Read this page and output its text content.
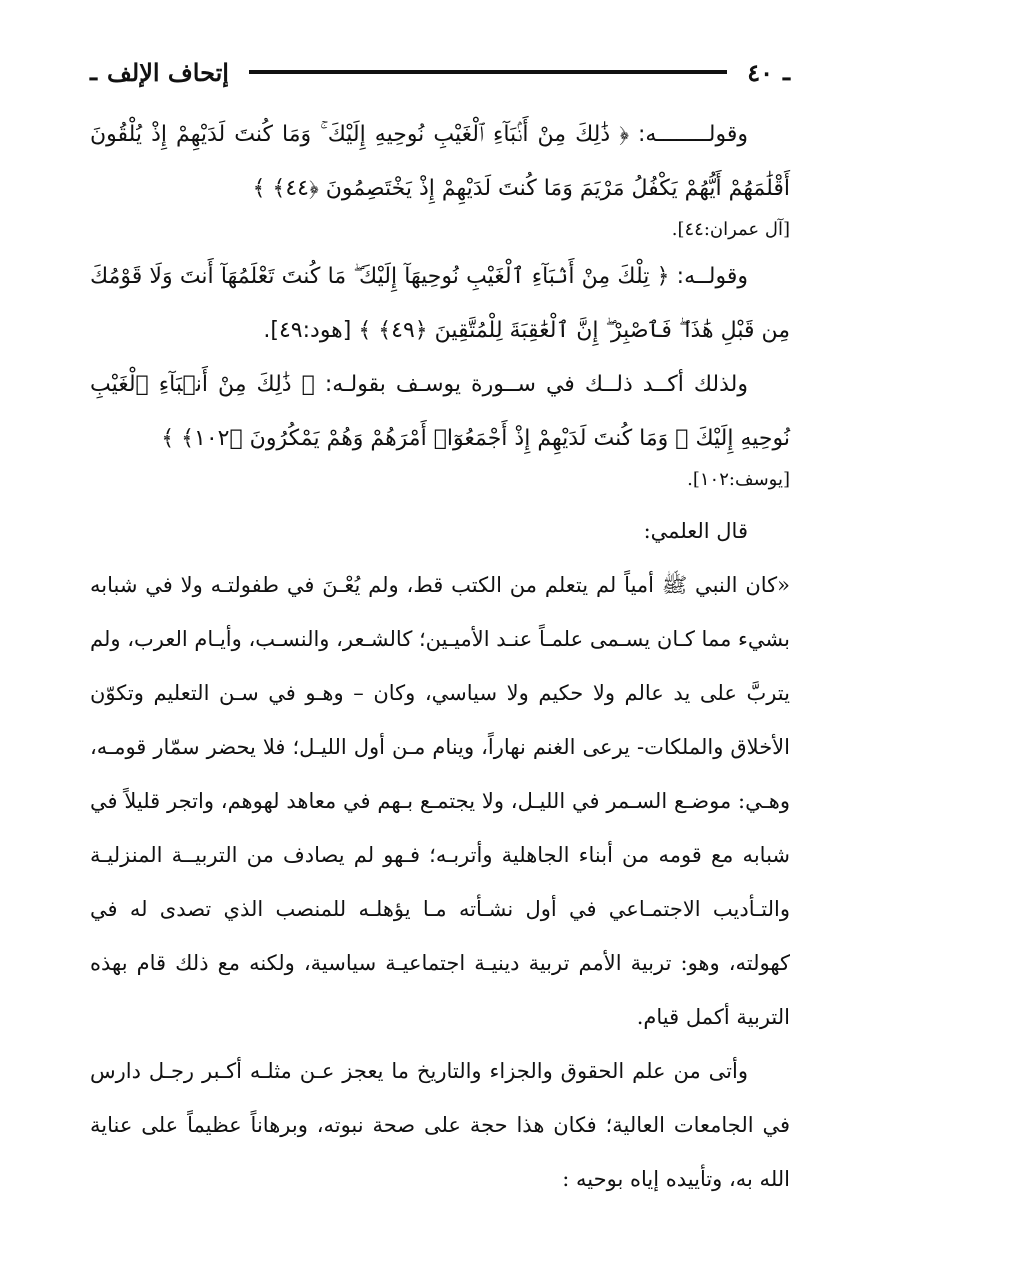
ـ
٤٠
إتحاف الإلف
ـ

وقولــــــــه: ﴿ ذَٰلِكَ مِنْ أَنۢبَآءِ ٱلْغَيْبِ نُوحِيهِ إِلَيْكَ ۚ وَمَا كُنتَ لَدَيْهِمْ إِذْ يُلْقُونَ أَقْلَٰمَهُمْ أَيُّهُمْ يَكْفُلُ مَرْيَمَ وَمَا كُنتَ لَدَيْهِمْ إِذْ يَخْتَصِمُونَ ﴿٤٤﴾ ﴾

[آل عمران:٤٤].

وقولــه: ﴿ تِلْكَ مِنْ أَنۢبَآءِ ٱلْغَيْبِ نُوحِيهَآ إِلَيْكَ ۖ مَا كُنتَ تَعْلَمُهَآ أَنتَ وَلَا قَوْمُكَ مِن قَبْلِ هَٰذَا ۖ فَٱصْبِرْ ۖ إِنَّ ٱلْعَٰقِبَةَ لِلْمُتَّقِينَ ﴿٤٩﴾ ﴾ [هود:٤٩].

ولذلك أكــد ذلــك في ســورة يوسـف بقولـه: ﴿ ذَٰلِكَ مِنْ أَنۢبَآءِ ٱلْغَيْبِ نُوحِيهِ إِلَيْكَ ۖ وَمَا كُنتَ لَدَيْهِمْ إِذْ أَجْمَعُوٓا۟ أَمْرَهُمْ وَهُمْ يَمْكُرُونَ ﴿١٠٢﴾ ﴾

[يوسف:١٠٢].

قال العلمي:

«كان النبي ﷺ أمياً لم يتعلم من الكتب قط، ولم يُعْـنَ في طفولتـه ولا في شبابه بشيء مما كـان يسـمى علمـاً عنـد الأميـين؛ كالشـعر، والنسـب، وأيـام العرب، ولم يتربَّ على يد عالم ولا حكيم ولا سياسي، وكان – وهـو في سـن التعليم وتكوّن الأخلاق والملكات- يرعى الغنم نهاراً، وينام مـن أول الليـل؛ فلا يحضر سمّار قومـه، وهـي: موضـع السـمر في الليـل، ولا يجتمـع بـهم في معاهد لهوهم، واتجر قليلاً في شبابه مع قومه من أبناء الجاهلية وأتربـه؛ فـهو لم يصادف من التربيــة المنزليـة والتـأديب الاجتمـاعي في أول نشـأته مـا يؤهلـه للمنصب الذي تصدى له في كهولته، وهو: تربية الأمم تربية دينيـة اجتماعيـة سياسية، ولكنه مع ذلك قام بهذه التربية أكمل قيام.

وأتى من علم الحقوق والجزاء والتاريخ ما يعجز عـن مثلـه أكـبر رجـل دارس في الجامعات العالية؛ فكان هذا حجة على صحة نبوته، وبرهاناً عظيماً على عناية الله به، وتأييده إياه بوحيه :
